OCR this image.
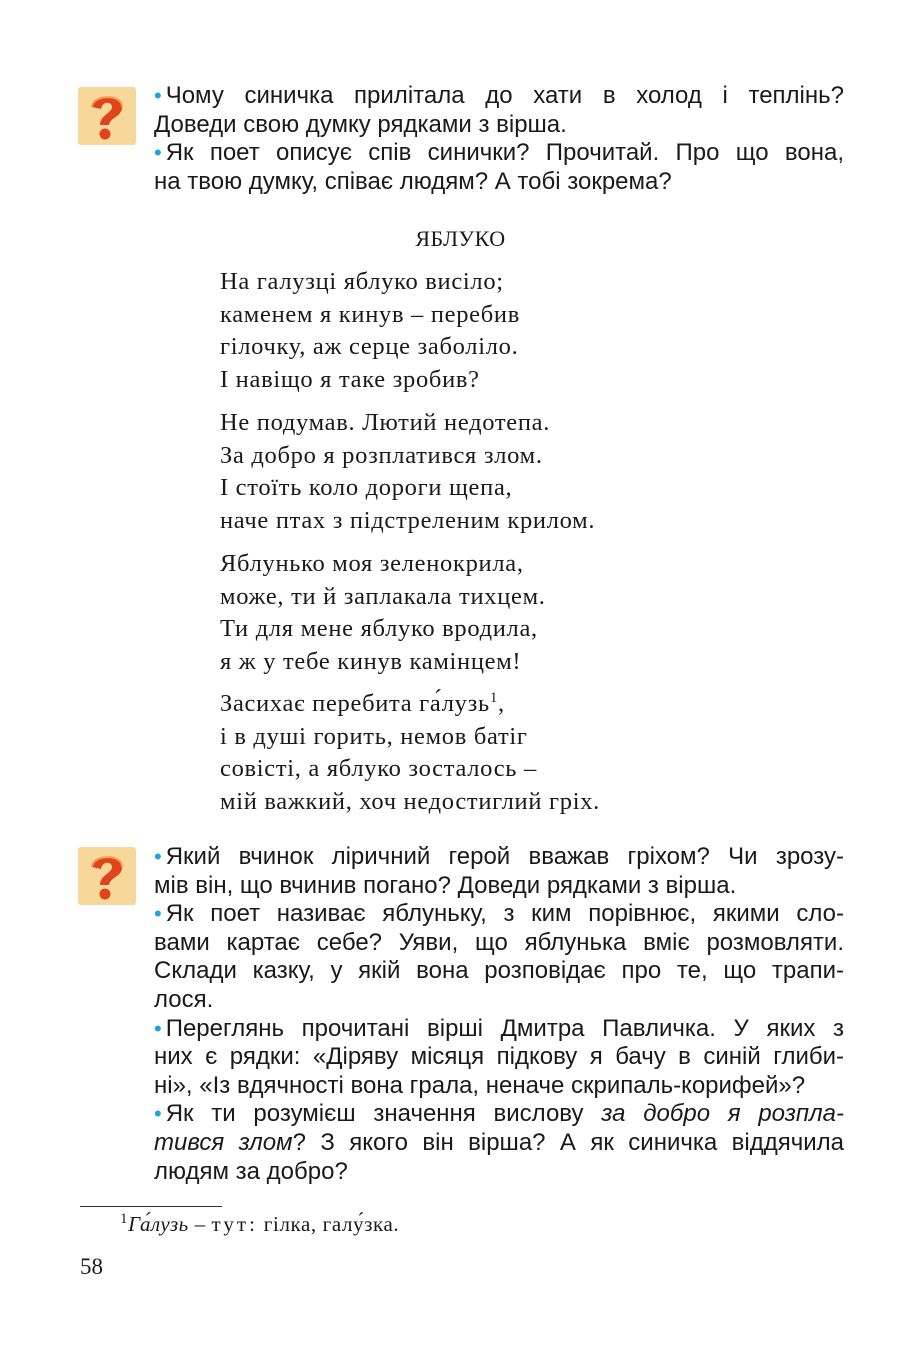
• Чому синичка прилітала до хати в холод і теплінь?

Доведи свою думку рядками з вірша.

• Як поет описує спів синички? Прочитай. Про що вона,

на твою думку, співає людям? А тобі зокрема?

ЯБЛУКО
На галузці яблуко висіло;
каменем я кинув – перебив
гілочку, аж серце заболіло.
І навіщо я таке зробив?
Не подумав. Лютий недотепа.
За добро я розплатився злом.
І стоїть коло дороги щепа,
наче птах з підстреленим крилом.
Яблунько моя зеленокрила,
може, ти й заплакала тихцем.
Ти для мене яблуко вродила,
я ж у тебе кинув камінцем!
Засихає перебита га́лузь$^1$,
і в душі горить, немов батіг
совісті, а яблуко зосталось –
мій важкий, хоч недостиглий гріх.

• Який вчинок ліричний герой вважав гріхом? Чи зрозу-

мів він, що вчинив погано? Доведи рядками з вірша.

• Як поет називає яблуньку, з ким порівнює, якими сло-

вами картає себе? Уяви, що яблунька вміє розмовляти.

Склади казку, у якій вона розповідає про те, що трапи-

лося.

• Переглянь прочитані вірші Дмитра Павличка. У яких з

них є рядки: «Діряву місяця підкову я бачу в синій глиби-

ні», «Із вдячності вона грала, неначе скрипаль-корифей»?

• Як ти розумієш значення вислову за добро я розпла-

тився злом? З якого він вірша? А як синичка віддячила

людям за добро?

$^1$Га́лузь – тут: гілка, галу́зка.
58
